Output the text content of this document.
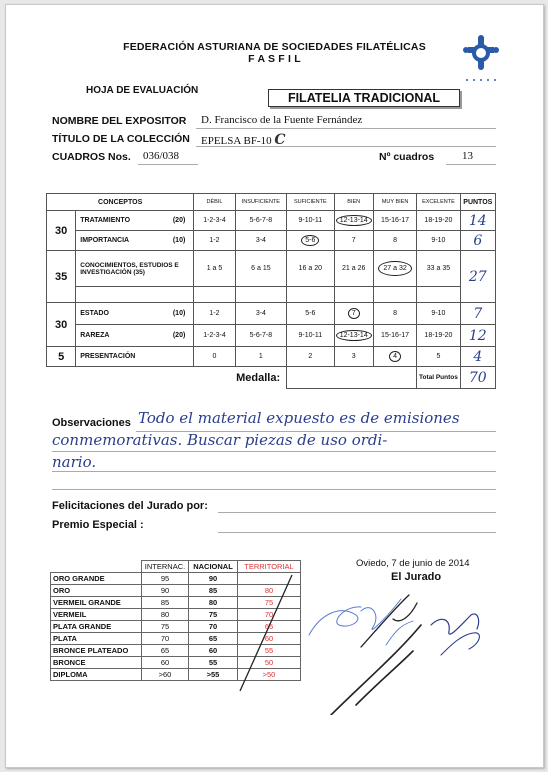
FEDERACIÓN ASTURIANA DE SOCIEDADES FILATÉLICAS
F A S F I L
HOJA DE EVALUACIÓN
FILATELIA TRADICIONAL
NOMBRE DEL EXPOSITOR D. Francisco de la Fuente Fernández
TÍTULO DE LA COLECCIÓN EPELSA BF-10 C
CUADROS Nos. 036/038	Nº cuadros	13
CONCEPTOS		DÉBIL	INSUFICIENTE	SUFICIENTE	BIEN	MUY BIEN	EXCELENTE	PUNTOS
30	TRATAMIENTO (20)	1-2-3-4	5-6-7-8	9-10-11	12-13-14	15-16-17	18-19-20	14
	IMPORTANCIA (10)	1-2	3-4	5-6	7	8	9-10	6
35	CONOCIMIENTOS, ESTUDIOS E INVESTIGACIÓN (35)	1 a 5	6 a 15	16 a 20	21 a 26	27 a 32	33 a 35	27

30	ESTADO (10)	1-2	3-4	5-6	7	8	9-10	7
	RAREZA (20)	1-2-3-4	5-6-7-8	9-10-11	12-13-14	15-16-17	18-19-20	12
5	PRESENTACIÓN	0	1	2	3	4	5	4
Medalla:							Total Puntos	70
Observaciones Todo el material expuesto es de emisiones
conmemorativas. Buscar piezas de uso ordi-
nario.
Felicitaciones del Jurado por:
Premio Especial :
	INTERNAC.	NACIONAL	TERRITORIAL
ORO GRANDE	95	90	
ORO	90	85	80
VERMEIL GRANDE	85	80	75
VERMEIL	80	75	70
PLATA GRANDE	75	70	65
PLATA	70	65	60
BRONCE PLATEADO	65	60	55
BRONCE	60	55	50
DIPLOMA	>60	>55	>50
Oviedo, 7 de junio de 2014
El Jurado
